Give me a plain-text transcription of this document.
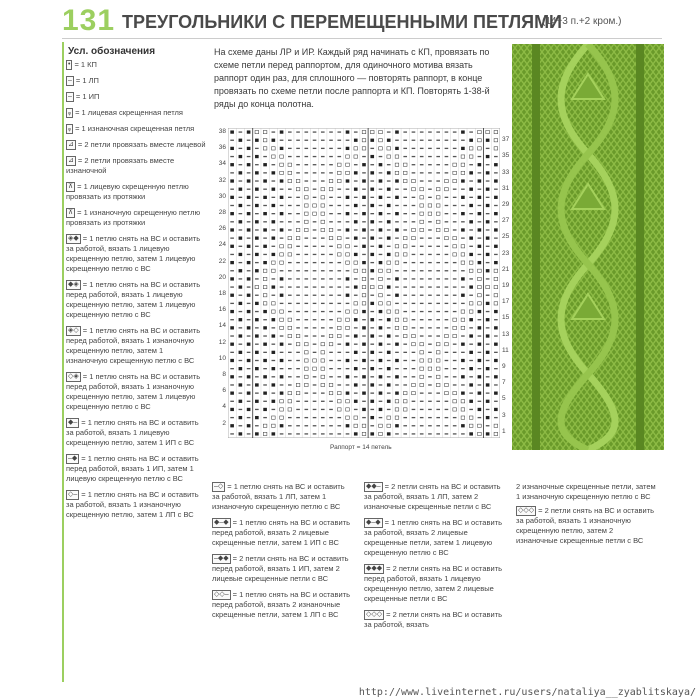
131 ТРЕУГОЛЬНИКИ С ПЕРЕМЕЩЕННЫМИ ПЕТЛЯМИ
(14+3 п.+2 кром.)
Усл. обозначения
• = 1 КП
– = 1 ЛП
– = 1 ИП
ᵩ = 1 лицевая скрещенная петля
ᵩ = 1 изнаночная скрещенная петля
⊿ = 2 петли провязать вместе лицевой
⊿ = 2 петли провязать вместе изнаночной
⊼ = 1 лицевую скрещенную петлю провязать из протяжки
⊼ = 1 изнаночную скрещенную петлю провязать из протяжки
◈◆ = 1 петлю снять на ВС и оставить за работой, вязать 1 лицевую скрещенную петлю, затем 1 лицевую скрещенную петлю с ВС
◆◈ = 1 петлю снять на ВС и оставить перед работой, вязать 1 лицевую скрещенную петлю, затем 1 лицевую скрещенную петлю с ВС
◈◇ = 1 петлю снять на ВС и оставить перед работой, вязать 1 изнаночную скрещенную петлю, затем 1 изнаночную скрещенную петлю с ВС
◇◈ = 1 петлю снять на ВС и оставить перед работой, вязать 1 изнаночную скрещенную петлю, затем 1 лицевую скрещенную петлю с ВС
◆– = 1 петлю снять на ВС и оставить за работой, вязать 1 лицевую скрещенную петлю, затем 1 ИП с ВС
–◆ = 1 петлю снять на ВС и оставить перед работой, вязать 1 ИП, затем 1 лицевую скрещенную петлю с ВС
◇– = 1 петлю снять на ВС и оставить за работой, вязать 1 изнаночную скрещенную петлю, затем 1 ЛП с ВС
На схеме даны ЛР и ИР. Каждый ряд начинать с КП, провязать по схеме петли перед раппортом, для одиночного мотива вязать раппорт один раз, для сплошного — повторять раппорт, в конце провязать по схеме петли после раппорта и КП. Повторять 1-38-й ряды до конца полотна.
38
36
34
32
30
28
26
24
22
20
18
16
14
12
10
8
6
4
2
37
35
33
31
29
27
25
23
21
19
17
15
13
11
9
7
5
3
1
Раппорт = 14 петель
–◇ = 1 петлю снять на ВС и оставить за работой, вязать 1 ЛП, затем 1 изнаночную скрещенную петлю с ВС
◆–◆ = 1 петлю снять на ВС и оставить перед работой, вязать 2 лицевые скрещенные петли, затем 1 ИП с ВС
–◆◆ = 2 петли снять на ВС и оставить перед работой, вязать 1 ИП, затем 2 лицевые скрещенные петли с ВС
◇◇– = 1 петлю снять на ВС и оставить перед работой, вязать 2 изнаночные скрещенные петли, затем 1 ЛП с ВС
◆◆– = 2 петли снять на ВС и оставить за работой, вязать 1 ЛП, затем 2 изнаночные скрещенные петли с ВС
◆–◆ = 1 петлю снять на ВС и оставить за работой, вязать 2 лицевые скрещенные петли, затем 1 лицевую скрещенную петлю с ВС
◆◆◆ = 2 петли снять на ВС и оставить перед работой, вязать 1 лицевую скрещенную петлю, затем 2 лицевые скрещенные петли с ВС
◇◇◇ = 2 петли снять на ВС и оставить за работой, вязать
2 изнаночные скрещенные петли, затем 1 изнаночную скрещенную петлю с ВС
◇◇◇ = 2 петли снять на ВС и оставить за работой, вязать 1 изнаночную скрещенную петлю, затем 2 изнаночные скрещенные петли с ВС
http://www.liveinternet.ru/users/nataliya__zyablitskaya/
